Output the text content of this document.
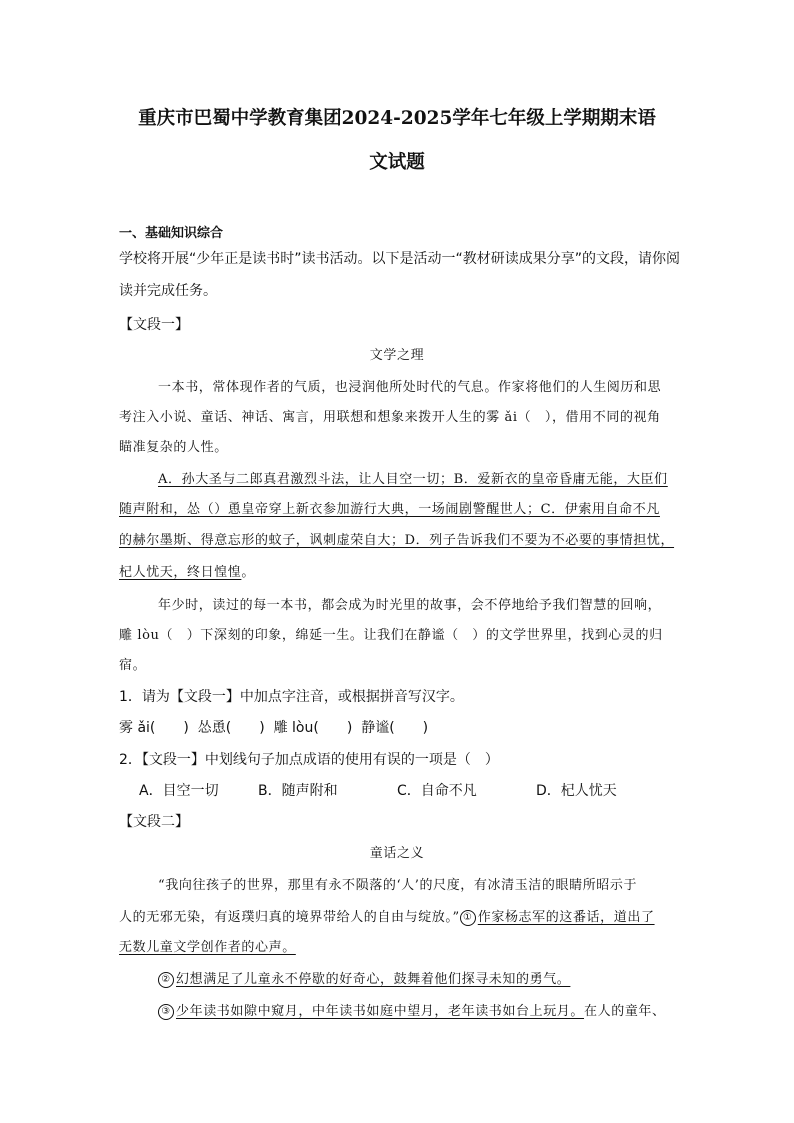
重庆市巴蜀中学教育集团2024-2025学年七年级上学期期末语
文试题
一、基础知识综合
学校将开展“少年正是读书时”读书活动。以下是活动一“教材研读成果分享”的文段，请你阅
读并完成任务。
【文段一】
文学之理
一本书，常体现作者的气质，也浸润他所处时代的气息。作家将他们的人生阅历和思
考注入小说、童话、神话、寓言，用联想和想象来拨开人生的雾 ǎi（　），借用不同的视角
瞄准复杂的人性。
A．孙大圣与二郎真君激烈斗法，让人目空一切；B．爱新衣的皇帝昏庸无能，大臣们
随声附和，怂（）恿皇帝穿上新衣参加游行大典，一场闹剧警醒世人；C．伊索用自命不凡
的赫尔墨斯、得意忘形的蚊子，讽刺虚荣自大；D．列子告诉我们不要为不必要的事情担忧，
杞人忧天，终日惶惶。
年少时，读过的每一本书，都会成为时光里的故事，会不停地给予我们智慧的回响，
雕 lòu（　）下深刻的印象，绵延一生。让我们在静谧（　）的文学世界里，找到心灵的归
宿。
1．请为【文段一】中加点字注音，或根据拼音写汉字。
雾 ǎi(　　) 怂恿(　　) 雕 lòu(　　) 静谧(　　)
2．【文段一】中划线句子加点成语的使用有误的一项是（　）
A．目空一切	B．随声附和	C．自命不凡	D．杞人忧天
【文段二】
童话之义
“我向往孩子的世界，那里有永不陨落的‘人’的尺度，有冰清玉洁的眼睛所昭示于
人的无邪无染，有返璞归真的境界带给人的自由与绽放。” ① 作家杨志军的这番话，道出了
无数儿童文学创作者的心声。
② 幻想满足了儿童永不停歇的好奇心，鼓舞着他们探寻未知的勇气。
③ 少年读书如隙中窥月，中年读书如庭中望月，老年读书如台上玩月。在人的童年、
